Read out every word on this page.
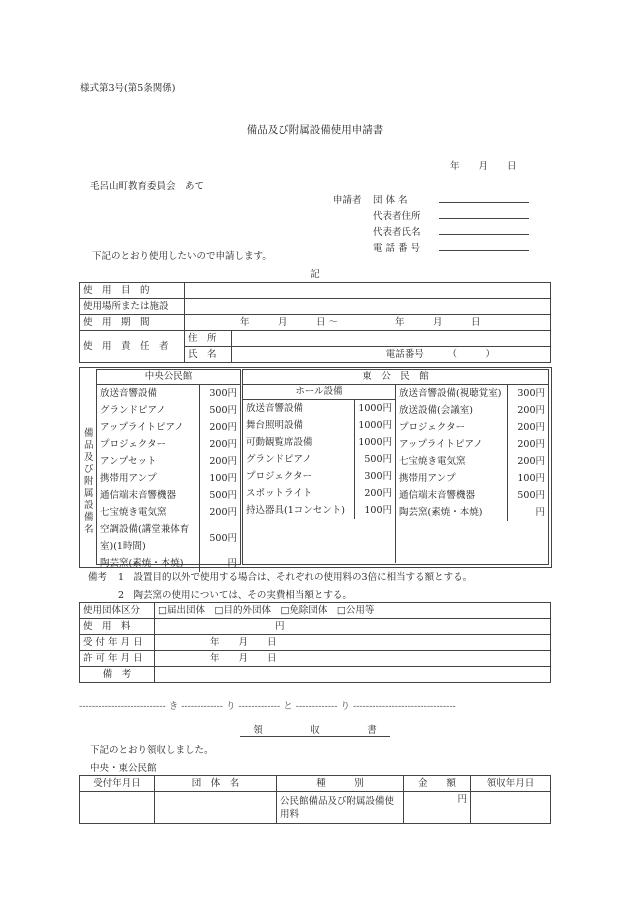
様式第3号(第5条関係)
備品及び附属設備使用申請書
年　　月　　日
毛呂山町教育委員会　あて
申請者 団 体 名
代表者住所
代表者氏名
電 話 番 号
下記のとおり使用したいので申請します。
記
使　用　目　的		
使用場所または施設		
使　用　期　間	年　　　月　　　日 〜　　　　　　年　　　月　　　日	
使　用　責　任　者	住　所	
	氏　名	電話番号　　　（　　　）
備品及び附属設備名
中央公民館
放送音響設備	300円
グランドピアノ	500円
アップライトピアノ	200円
プロジェクター	200円
アンプセット	200円
携帯用アンプ	100円
通信端末音響機器	500円
七宝焼き電気窯	200円
空調設備(講堂兼体育室)(1時間)	500円
陶芸窯(素焼・本焼)	円
東　公　民　館
ホール設備
放送音響設備	1000円
舞台照明設備	1000円
可動観覧席設備	1000円
グランドピアノ	500円
プロジェクター	300円
スポットライト	200円
持込器具(1コンセント)	100円
放送音響設備(視聴覚室)	300円
放送設備(会議室)	200円
プロジェクター	200円
アップライトピアノ	200円
七宝焼き電気窯	200円
携帯用アンプ	100円
通信端末音響機器	500円
陶芸窯(素焼・本焼)	円
備考 1　設置目的以外で使用する場合は、それぞれの使用料の3倍に相当する額とする。
2　陶芸窯の使用については、その実費相当額とする。
使用団体区分	□届出団体　□目的外団体　□免除団体　□公用等
使　用　料	円
受 付 年 月 日	年　　月　　日
許 可 年 月 日	年　　月　　日
備　考	
--------------------------- き ------------- り ------------- と ------------- り --------------------------------
領　　　　　収　　　　　書
下記のとおり領収しました。
中央・東公民館
受付年月日	団　体　名	種　　　別	金　　額	領収年月日
		公民館備品及び附属設備使用料	円	
